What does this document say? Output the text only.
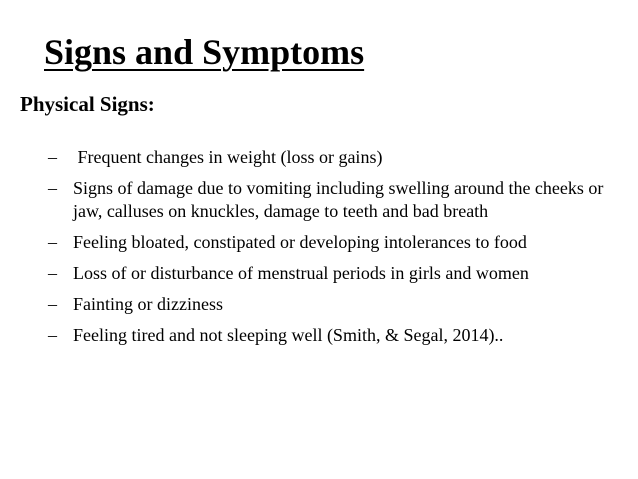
Signs and Symptoms
Physical Signs:
– Frequent changes in weight (loss or gains)
– Signs of damage due to vomiting including swelling around the cheeks or jaw, calluses on knuckles, damage to teeth and bad breath
– Feeling bloated, constipated or developing intolerances to food
– Loss of or disturbance of menstrual periods in girls and women
– Fainting or dizziness
– Feeling tired and not sleeping well (Smith, & Segal, 2014)..
